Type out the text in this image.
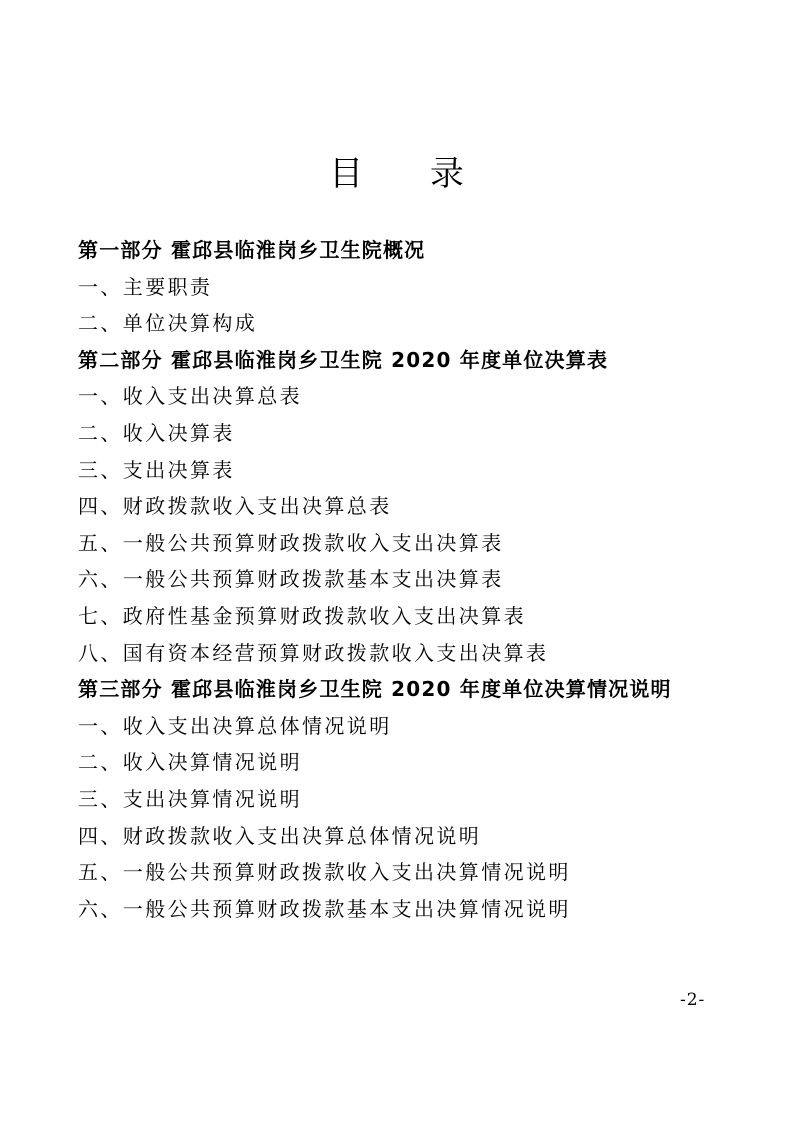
目 录
第一部分 霍邱县临淮岗乡卫生院概况
一、主要职责
二、单位决算构成
第二部分 霍邱县临淮岗乡卫生院 2020 年度单位决算表
一、收入支出决算总表
二、收入决算表
三、支出决算表
四、财政拨款收入支出决算总表
五、一般公共预算财政拨款收入支出决算表
六、一般公共预算财政拨款基本支出决算表
七、政府性基金预算财政拨款收入支出决算表
八、国有资本经营预算财政拨款收入支出决算表
第三部分 霍邱县临淮岗乡卫生院 2020 年度单位决算情况说明
一、收入支出决算总体情况说明
二、收入决算情况说明
三、支出决算情况说明
四、财政拨款收入支出决算总体情况说明
五、一般公共预算财政拨款收入支出决算情况说明
六、一般公共预算财政拨款基本支出决算情况说明
-2-
